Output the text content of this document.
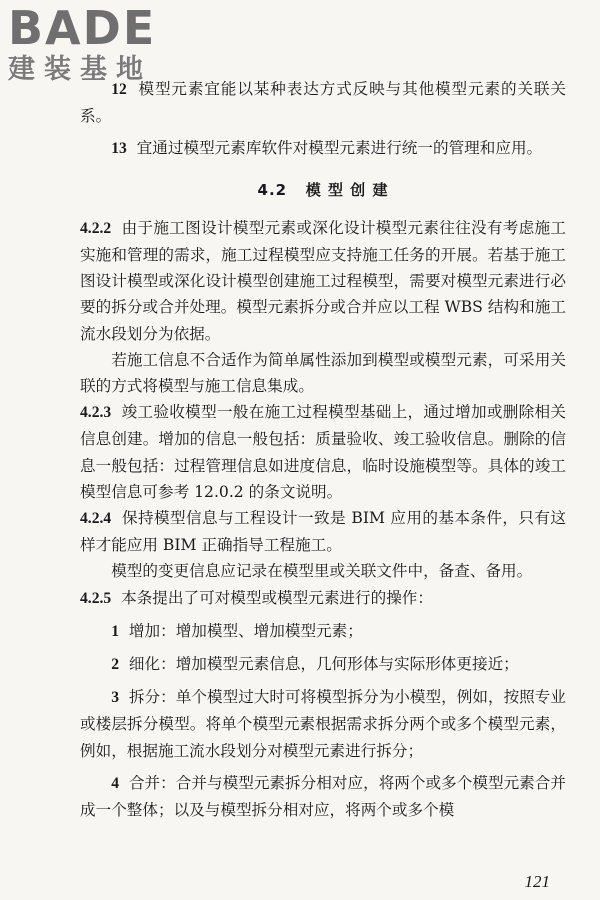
BADE
建装基地

12 模型元素宜能以某种表达方式反映与其他模型元素的关联关系。

13 宜通过模型元素库软件对模型元素进行统一的管理和应用。

4.2 模 型 创 建

4.2.2 由于施工图设计模型元素或深化设计模型元素往往没有考虑施工实施和管理的需求，施工过程模型应支持施工任务的开展。若基于施工图设计模型或深化设计模型创建施工过程模型，需要对模型元素进行必要的拆分或合并处理。模型元素拆分或合并应以工程 WBS 结构和施工流水段划分为依据。

若施工信息不合适作为简单属性添加到模型或模型元素，可采用关联的方式将模型与施工信息集成。

4.2.3 竣工验收模型一般在施工过程模型基础上，通过增加或删除相关信息创建。增加的信息一般包括：质量验收、竣工验收信息。删除的信息一般包括：过程管理信息如进度信息，临时设施模型等。具体的竣工模型信息可参考 12.0.2 的条文说明。

4.2.4 保持模型信息与工程设计一致是 BIM 应用的基本条件，只有这样才能应用 BIM 正确指导工程施工。

模型的变更信息应记录在模型里或关联文件中，备查、备用。

4.2.5 本条提出了可对模型或模型元素进行的操作：

1 增加：增加模型、增加模型元素；

2 细化：增加模型元素信息，几何形体与实际形体更接近；

3 拆分：单个模型过大时可将模型拆分为小模型，例如，按照专业或楼层拆分模型。将单个模型元素根据需求拆分两个或多个模型元素，例如，根据施工流水段划分对模型元素进行拆分；

4 合并：合并与模型元素拆分相对应，将两个或多个模型元素合并成一个整体；以及与模型拆分相对应，将两个或多个模

121
